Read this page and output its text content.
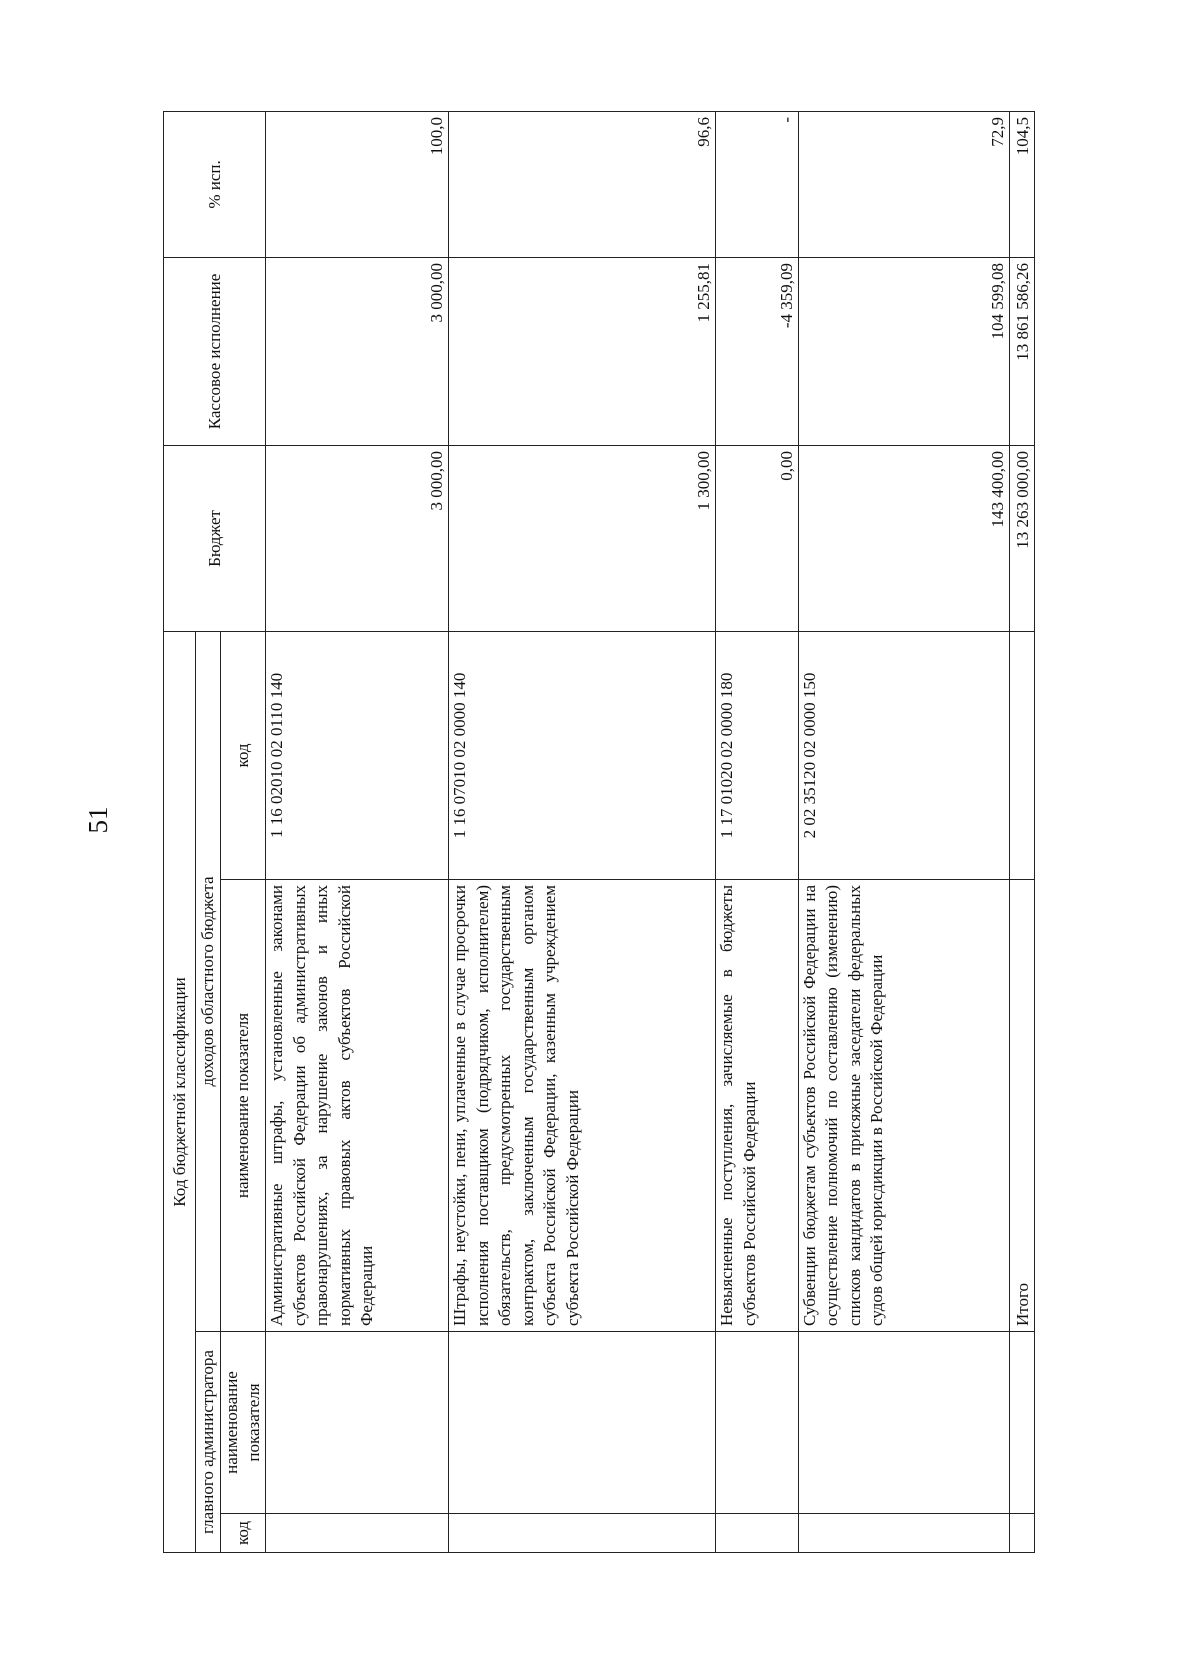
51
Код бюджетной классификации				Бюджет	Кассовое исполнение	% исп.
главного администратора		доходов областного бюджета				
код	наименование показателя	наименование показателя	код			
		Административные штрафы, установленные законами субъектов Российской Федерации об административных правонарушениях, за нарушение законов и иных нормативных правовых актов субъектов Российской Федерации	1 16 02010 02 0110 140	3 000,00	3 000,00	100,0
		Штрафы, неустойки, пени, уплаченные в случае просрочки исполнения поставщиком (подрядчиком, исполнителем) обязательств, предусмотренных государственным контрактом, заключенным государственным органом субъекта Российской Федерации, казенным учреждением субъекта Российской Федерации	1 16 07010 02 0000 140	1 300,00	1 255,81	96,6
		Невыясненные поступления, зачисляемые в бюджеты субъектов Российской Федерации	1 17 01020 02 0000 180	0,00	-4 359,09	-
		Субвенции бюджетам субъектов Российской Федерации на осуществление полномочий по составлению (изменению) списков кандидатов в присяжные заседатели федеральных судов общей юрисдикции в Российской Федерации	2 02 35120 02 0000 150	143 400,00	104 599,08	72,9
		Итого		13 263 000,00	13 861 586,26	104,5
